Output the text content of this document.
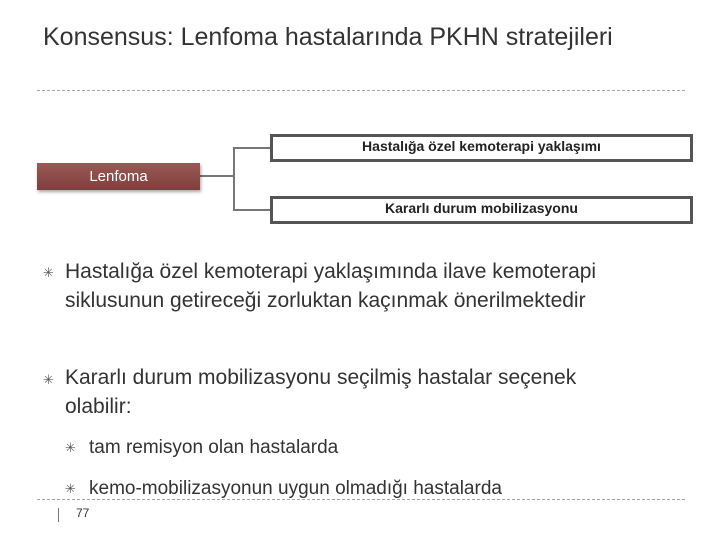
Konsensus: Lenfoma hastalarında PKHN stratejileri
Lenfoma
Hastalığa özel kemoterapi yaklaşımı
Kararlı durum mobilizasyonu
✳ Hastalığa özel kemoterapi yaklaşımında ilave kemoterapi siklusunun getireceği zorluktan kaçınmak önerilmektedir
✳ Kararlı durum mobilizasyonu seçilmiş hastalar seçenek olabilir:
✳ tam remisyon olan hastalarda
✳ kemo-mobilizasyonun uygun olmadığı hastalarda
77
